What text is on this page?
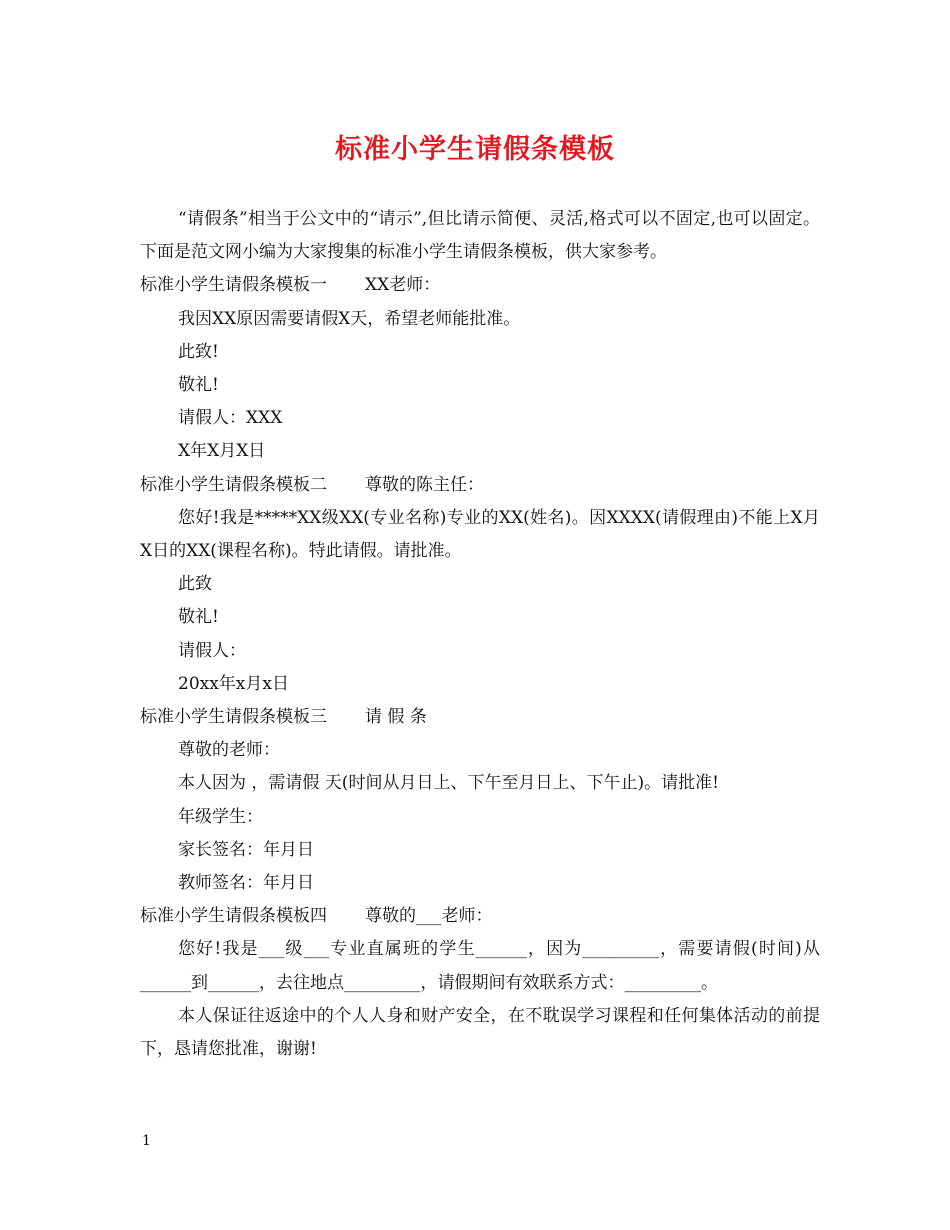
标准小学生请假条模板

“请假条”相当于公文中的“请示”,但比请示简便、灵活,格式可以不固定,也可以固定。下面是范文网小编为大家搜集的标准小学生请假条模板，供大家参考。

标准小学生请假条模板一 XX老师：

我因XX原因需要请假X天，希望老师能批准。

此致!

敬礼!

请假人：XXX

X年X月X日

标准小学生请假条模板二 尊敬的陈主任：

您好!我是*****XX级XX(专业名称)专业的XX(姓名)。因XXXX(请假理由)不能上X月X日的XX(课程名称)。特此请假。请批准。

此致

敬礼!

请假人：

20xx年x月x日

标准小学生请假条模板三 请 假 条

尊敬的老师：

本人因为 ，需请假 天(时间从月日上、下午至月日上、下午止)。请批准!

年级学生：

家长签名：年月日

教师签名：年月日

标准小学生请假条模板四 尊敬的___老师：

您好!我是___级___专业直属班的学生______，因为_________，需要请假(时间)从______到______，去往地点_________，请假期间有效联系方式：_________。

本人保证往返途中的个人人身和财产安全，在不耽误学习课程和任何集体活动的前提下，恳请您批准，谢谢!

1
